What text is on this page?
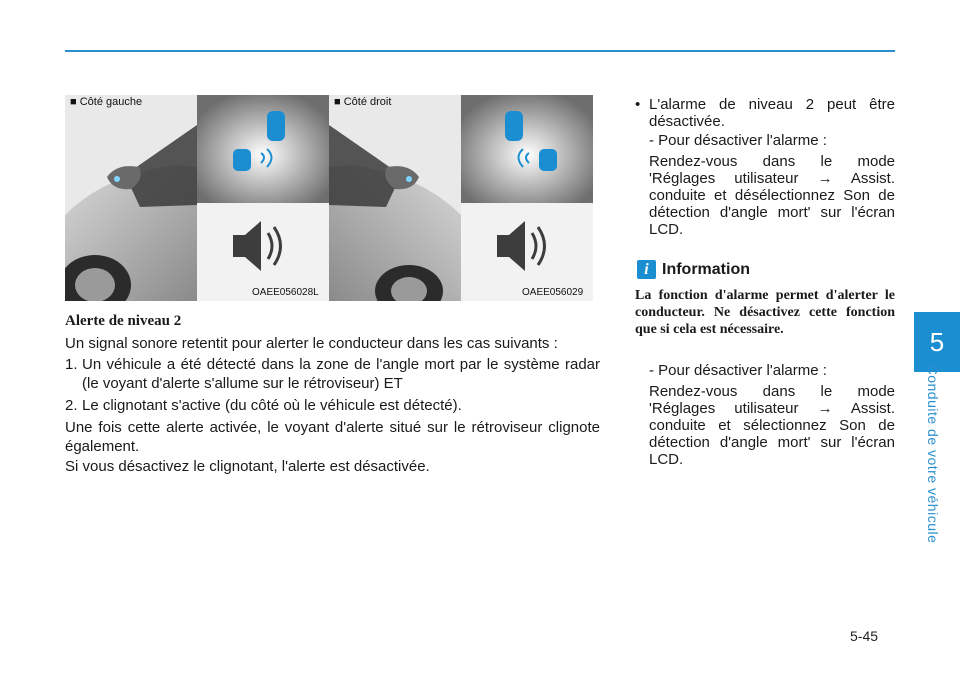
5
Conduite de votre véhicule
■ Côté gauche
OAEE056028L
■ Côté droit
OAEE056029
Alerte de niveau 2
Un signal sonore retentit pour alerter le conducteur dans les cas suivants :
1. Un véhicule a été détecté dans la zone de l'angle mort par le système radar (le voyant d'alerte s'allume sur le rétroviseur) ET
2. Le clignotant s'active (du côté où le véhicule est détecté).
Une fois cette alerte activée, le voyant d'alerte situé sur le rétroviseur clignote également.
Si vous désactivez le clignotant, l'alerte est désactivée.
• L'alarme de niveau 2 peut être désactivée.
- Pour désactiver l'alarme :
Rendez-vous dans le mode 'Réglages utilisateur → Assist. conduite et désélectionnez Son de détection d'angle mort' sur l'écran LCD.
i Information
La fonction d'alarme permet d'alerter le conducteur. Ne désactivez cette fonction que si cela est nécessaire.
- Pour désactiver l'alarme :
Rendez-vous dans le mode 'Réglages utilisateur → Assist. conduite et sélectionnez Son de détection d'angle mort' sur l'écran LCD.
5-45
